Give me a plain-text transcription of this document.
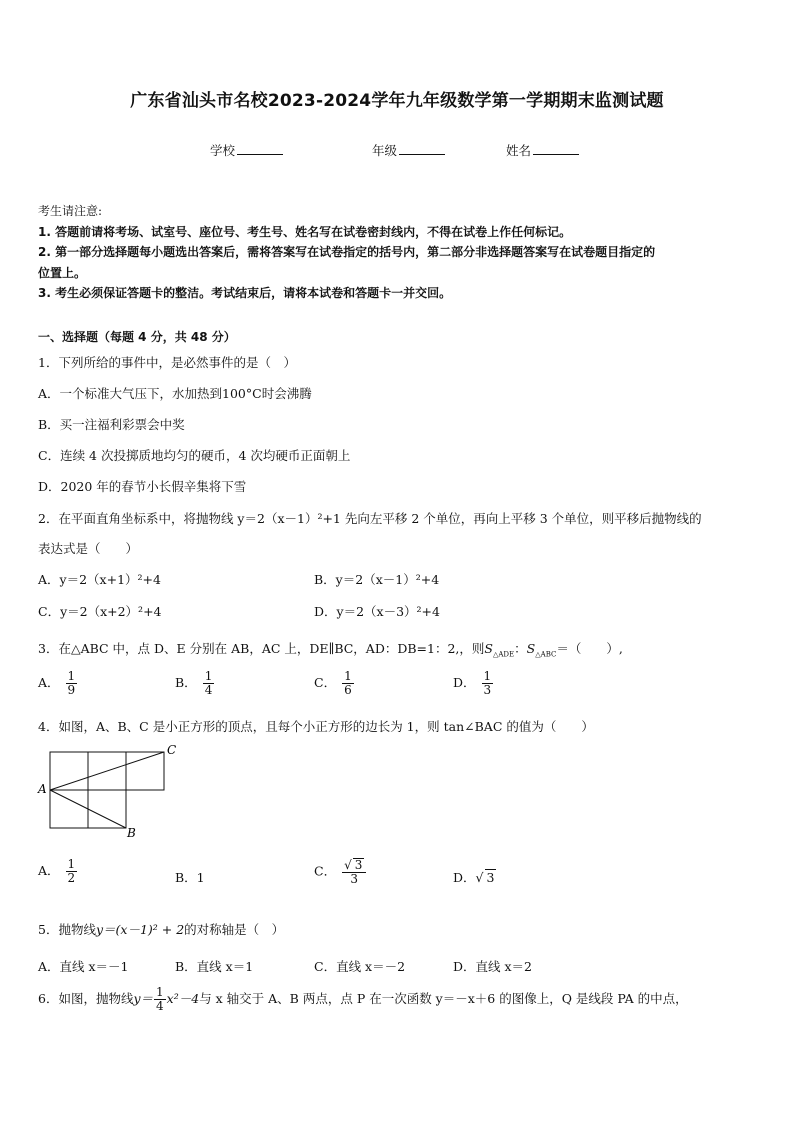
广东省汕头市名校2023-2024学年九年级数学第一学期期末监测试题
学校	年级	姓名
考生请注意:
1. 答题前请将考场、试室号、座位号、考生号、姓名写在试卷密封线内，不得在试卷上作任何标记。
2. 第一部分选择题每小题选出答案后，需将答案写在试卷指定的括号内，第二部分非选择题答案写在试卷题目指定的
位置上。
3. 考生必须保证答题卡的整洁。考试结束后，请将本试卷和答题卡一并交回。
一、选择题（每题 4 分，共 48 分）
1．下列所给的事件中，是必然事件的是（　）
A．一个标准大气压下，水加热到100°C时会沸腾
B．买一注福利彩票会中奖
C．连续 4 次投掷质地均匀的硬币，4 次均硬币正面朝上
D．2020 年的春节小长假辛集将下雪
2．在平面直角坐标系中，将抛物线 y＝2（x－1）²+1 先向左平移 2 个单位，再向上平移 3 个单位，则平移后抛物线的
表达式是（　　）
A．y＝2（x+1）²+4	B．y＝2（x－1）²+4
C．y＝2（x+2）²+4	D．y＝2（x－3）²+4
3．在△ABC 中，点 D、E 分别在 AB，AC 上，DE∥BC，AD：DB=1：2,，则$S_{\triangle ADE}$：$S_{\triangle ABC}=$（　　）,
A． $\frac{1}{9}$	B． $\frac{1}{4}$	C． $\frac{1}{6}$	D． $\frac{1}{3}$
4．如图，A、B、C 是小正方形的顶点，且每个小正方形的边长为 1，则 tan∠BAC 的值为（　　）
A
B
C
A． $\frac{1}{2}$	B．1	C． $\frac{√ 3}{3}$	D．√ 3
5．抛物线y＝(x－1)² + 2的对称轴是（　）
A．直线 x＝－1	B．直线 x＝1	C．直线 x＝－2	D．直线 x＝2
6．如图，抛物线$y= \frac{1}{4} x^2-4$与 x 轴交于 A、B 两点，点 P 在一次函数 y＝－x＋6 的图像上，Q 是线段 PA 的中点，
